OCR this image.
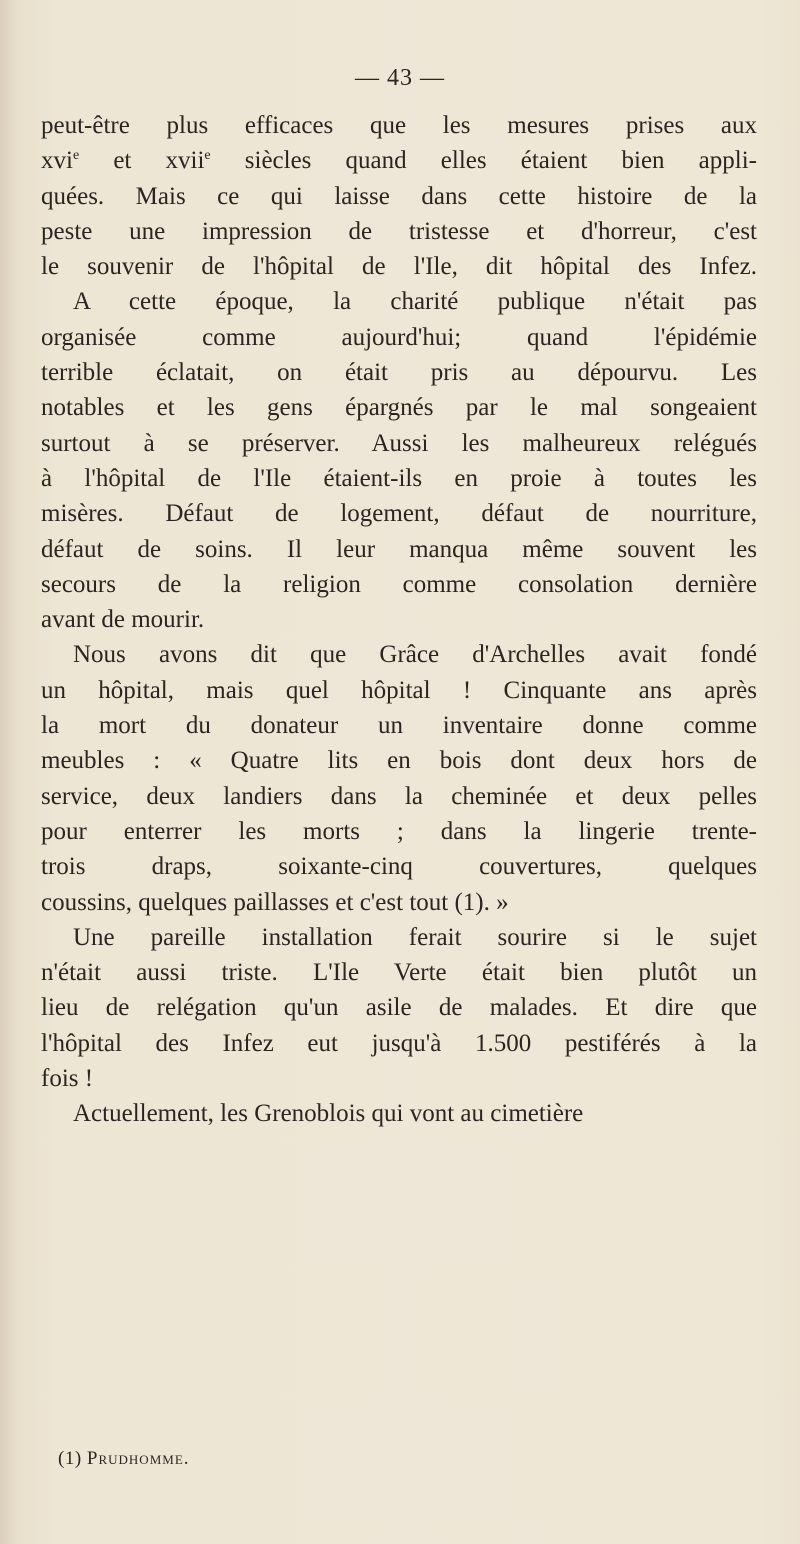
— 43 —
peut-être plus efficaces que les mesures prises aux
xvi$^e$ et xvii$^e$ siècles quand elles étaient bien appli-
quées. Mais ce qui laisse dans cette histoire de la
peste une impression de tristesse et d'horreur, c'est
le souvenir de l'hôpital de l'Ile, dit hôpital des Infez.
A cette époque, la charité publique n'était pas
organisée comme aujourd'hui; quand l'épidémie
terrible éclatait, on était pris au dépourvu. Les
notables et les gens épargnés par le mal songeaient
surtout à se préserver. Aussi les malheureux relégués
à l'hôpital de l'Ile étaient-ils en proie à toutes les
misères. Défaut de logement, défaut de nourriture,
défaut de soins. Il leur manqua même souvent les
secours de la religion comme consolation dernière
avant de mourir.
Nous avons dit que Grâce d'Archelles avait fondé
un hôpital, mais quel hôpital ! Cinquante ans après
la mort du donateur un inventaire donne comme
meubles : « Quatre lits en bois dont deux hors de
service, deux landiers dans la cheminée et deux pelles
pour enterrer les morts ; dans la lingerie trente-
trois draps, soixante-cinq couvertures, quelques
coussins, quelques paillasses et c'est tout (1). »
Une pareille installation ferait sourire si le sujet
n'était aussi triste. L'Ile Verte était bien plutôt un
lieu de relégation qu'un asile de malades. Et dire que
l'hôpital des Infez eut jusqu'à 1.500 pestiférés à la
fois !
Actuellement, les Grenoblois qui vont au cimetière
(1) Prudhomme.
